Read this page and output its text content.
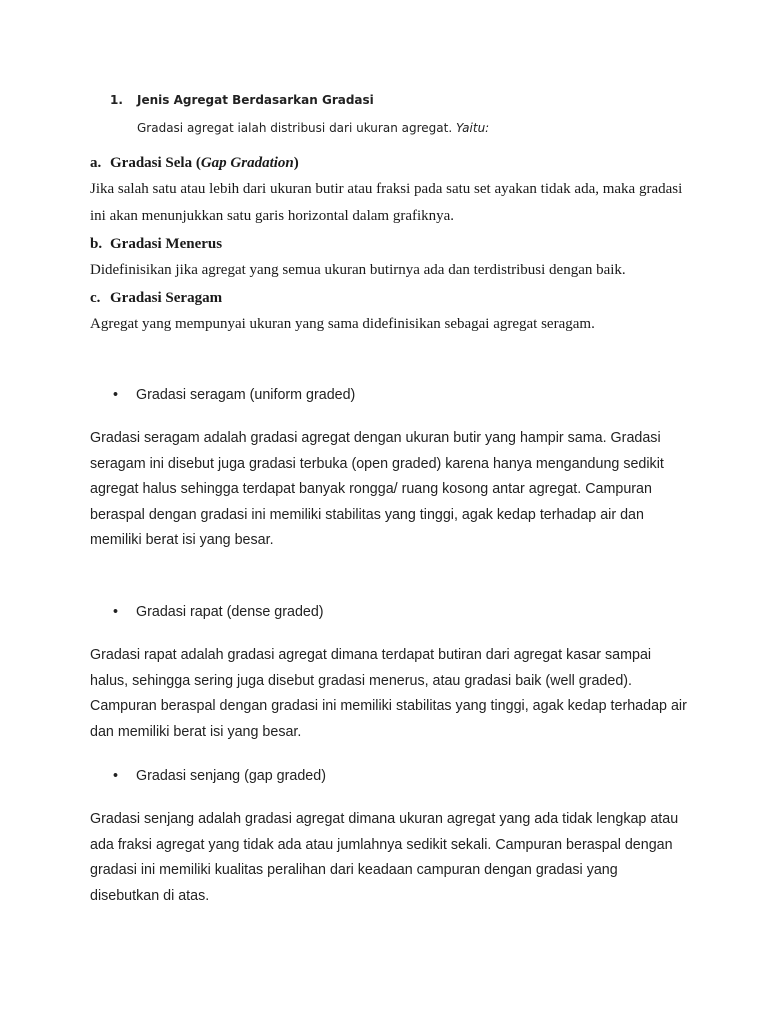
1. Jenis Agregat Berdasarkan Gradasi
Gradasi agregat ialah distribusi dari ukuran agregat. Yaitu:
a. Gradasi Sela (Gap Gradation)
Jika salah satu atau lebih dari ukuran butir atau fraksi pada satu set ayakan tidak ada, maka gradasi ini akan menunjukkan satu garis horizontal dalam grafiknya.
b. Gradasi Menerus
Didefinisikan jika agregat yang semua ukuran butirnya ada dan terdistribusi dengan baik.
c. Gradasi Seragam
Agregat yang mempunyai ukuran yang sama didefinisikan sebagai agregat seragam.
• Gradasi seragam (uniform graded)
Gradasi seragam adalah gradasi agregat dengan ukuran butir yang hampir sama. Gradasi seragam ini disebut juga gradasi terbuka (open graded) karena hanya mengandung sedikit agregat halus sehingga terdapat banyak rongga/ ruang kosong antar agregat. Campuran beraspal dengan gradasi ini memiliki stabilitas yang tinggi, agak kedap terhadap air dan memiliki berat isi yang besar.
• Gradasi rapat (dense graded)
Gradasi rapat adalah gradasi agregat dimana terdapat butiran dari agregat kasar sampai halus, sehingga sering juga disebut gradasi menerus, atau gradasi baik (well graded). Campuran beraspal dengan gradasi ini memiliki stabilitas yang tinggi, agak kedap terhadap air dan memiliki berat isi yang besar.
• Gradasi senjang (gap graded)
Gradasi senjang adalah gradasi agregat dimana ukuran agregat yang ada tidak lengkap atau ada fraksi agregat yang tidak ada atau jumlahnya sedikit sekali. Campuran beraspal dengan gradasi ini memiliki kualitas peralihan dari keadaan campuran dengan gradasi yang disebutkan di atas.
